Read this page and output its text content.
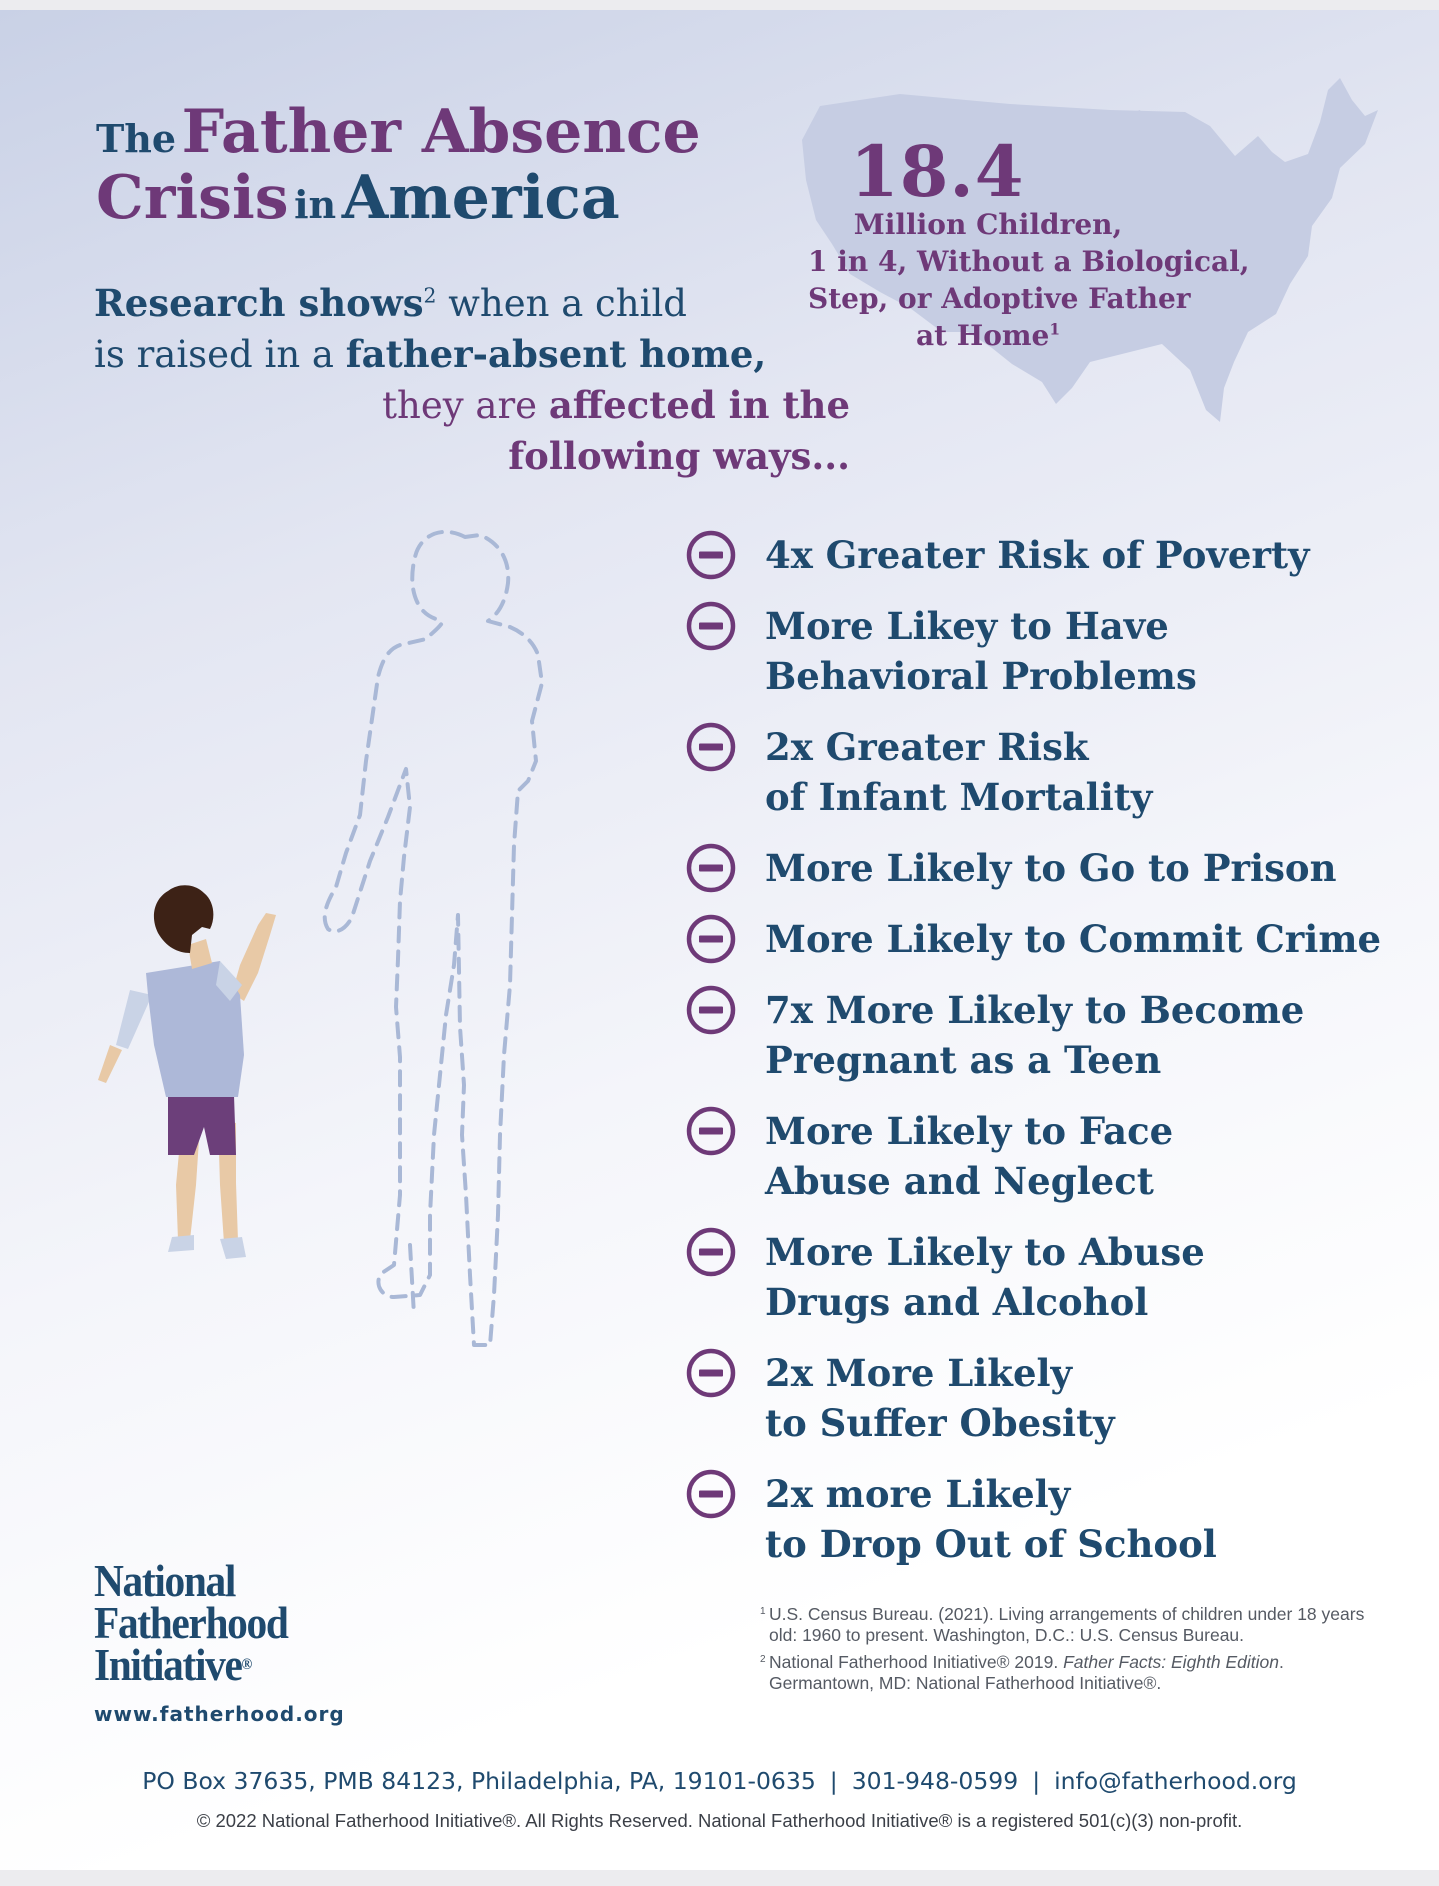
18.4
Million Children,
1 in 4, Without a Biological,
Step, or Adoptive Father
at Home$^1$
The Father Absence
Crisis in America
Research shows$^2$ when a child
is raised in a father-absent home,
they are affected in the
following ways...
4x Greater Risk of Poverty
More Likey to Have
Behavioral Problems
2x Greater Risk
of Infant Mortality
More Likely to Go to Prison
More Likely to Commit Crime
7x More Likely to Become
Pregnant as a Teen
More Likely to Face
Abuse and Neglect
More Likely to Abuse
Drugs and Alcohol
2x More Likely
to Suffer Obesity
2x more Likely
to Drop Out of School
National
Fatherhood
Initiative®
www.fatherhood.org
1 U.S. Census Bureau. (2021). Living arrangements of children under 18 years old: 1960 to present. Washington, D.C.: U.S. Census Bureau.
2 National Fatherhood Initiative® 2019. Father Facts: Eighth Edition. Germantown, MD: National Fatherhood Initiative®.
PO Box 37635, PMB 84123, Philadelphia, PA, 19101-0635 | 301-948-0599 | info@fatherhood.org
© 2022 National Fatherhood Initiative®. All Rights Reserved. National Fatherhood Initiative® is a registered 501(c)(3) non-profit.
